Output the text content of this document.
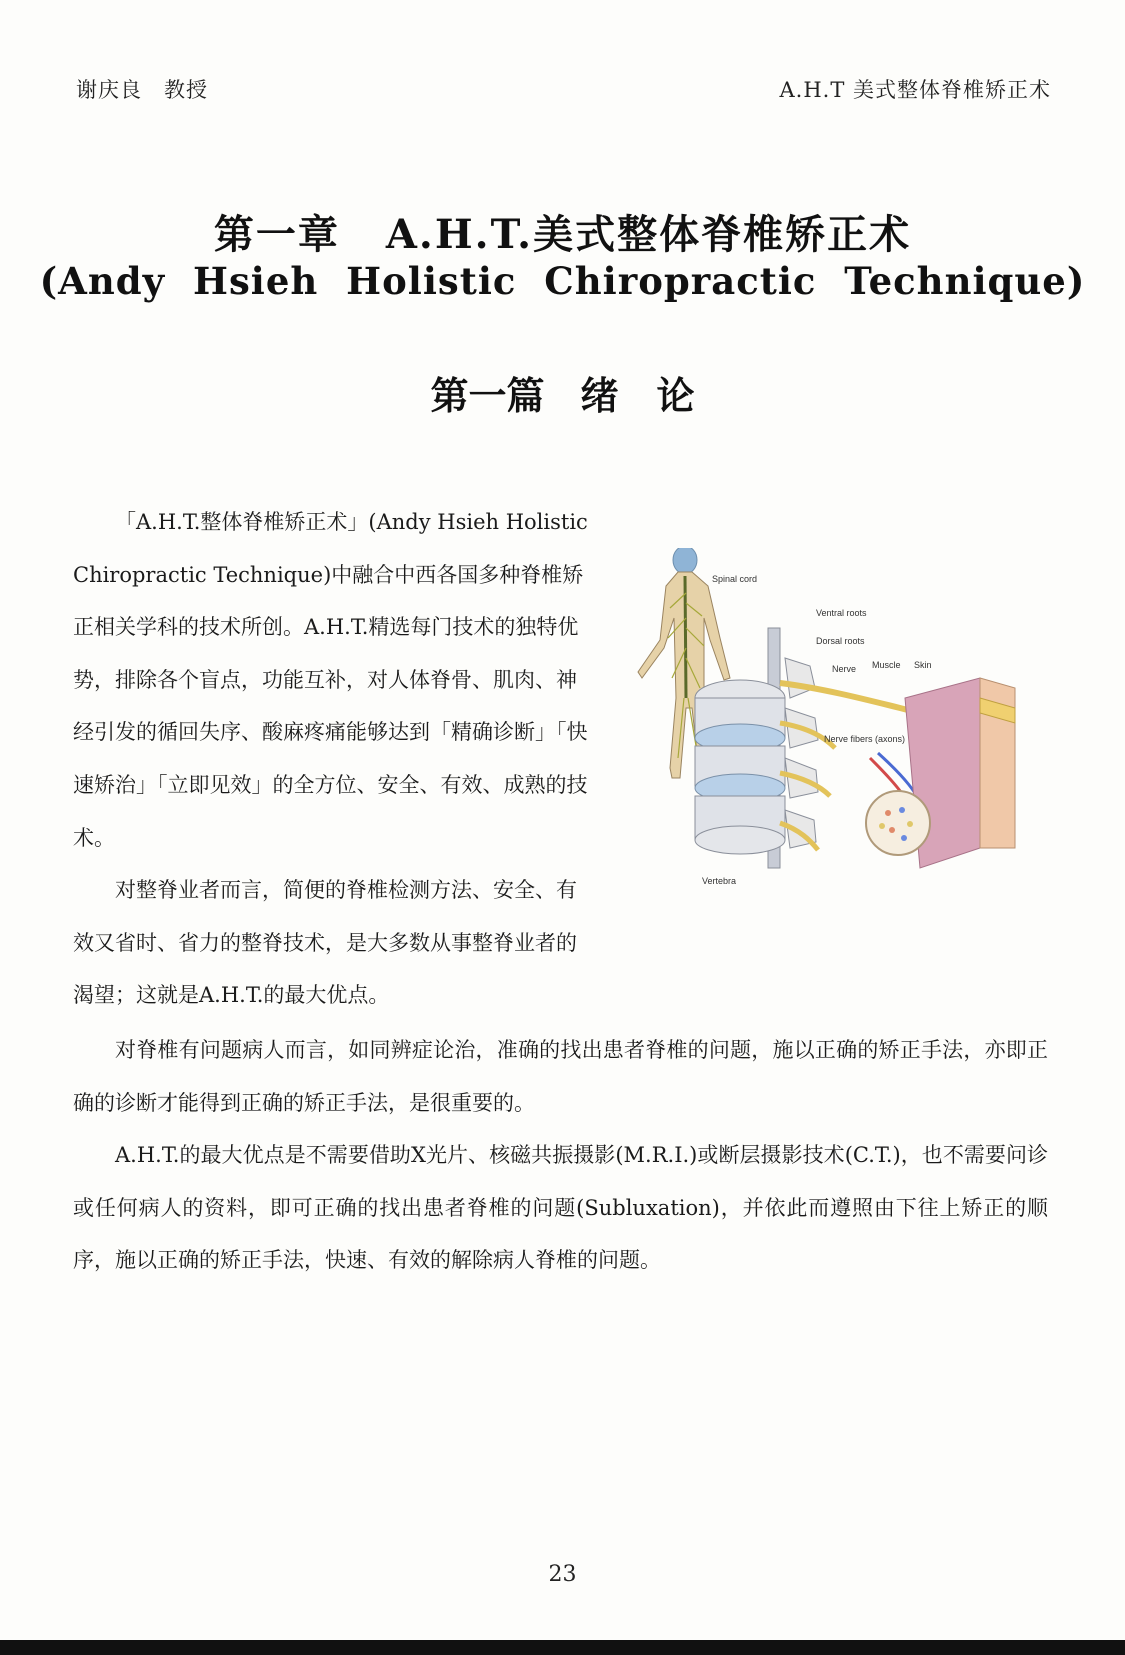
谢庆良 教授	A.H.T 美式整体脊椎矫正术
第一章 A.H.T.美式整体脊椎矫正术
(Andy Hsieh Holistic Chiropractic Technique)
第一篇 绪　论

「A.H.T.整体脊椎矫正术」(Andy Hsieh Holistic Chiropractic Technique)中融合中西各国多种脊椎矫正相关学科的技术所创。A.H.T.精选每门技术的独特优势，排除各个盲点，功能互补，对人体脊骨、肌肉、神经引发的循回失序、酸麻疼痛能够达到「精确诊断」「快速矫治」「立即见效」的全方位、安全、有效、成熟的技术。

对整脊业者而言，简便的脊椎检测方法、安全、有效又省时、省力的整脊技术，是大多数从事整脊业者的渴望；这就是A.H.T.的最大优点。

Spinal cord
Ventral roots
Dorsal roots
Nerve Muscle Skin
Nerve fibers (axons)
Vertebra

对脊椎有问题病人而言，如同辨症论治，准确的找出患者脊椎的问题，施以正确的矫正手法，亦即正确的诊断才能得到正确的矫正手法，是很重要的。

A.H.T.的最大优点是不需要借助X光片、核磁共振摄影(M.R.I.)或断层摄影技术(C.T.)，也不需要问诊或任何病人的资料，即可正确的找出患者脊椎的问题(Subluxation)，并依此而遵照由下往上矫正的顺序，施以正确的矫正手法，快速、有效的解除病人脊椎的问题。

23
